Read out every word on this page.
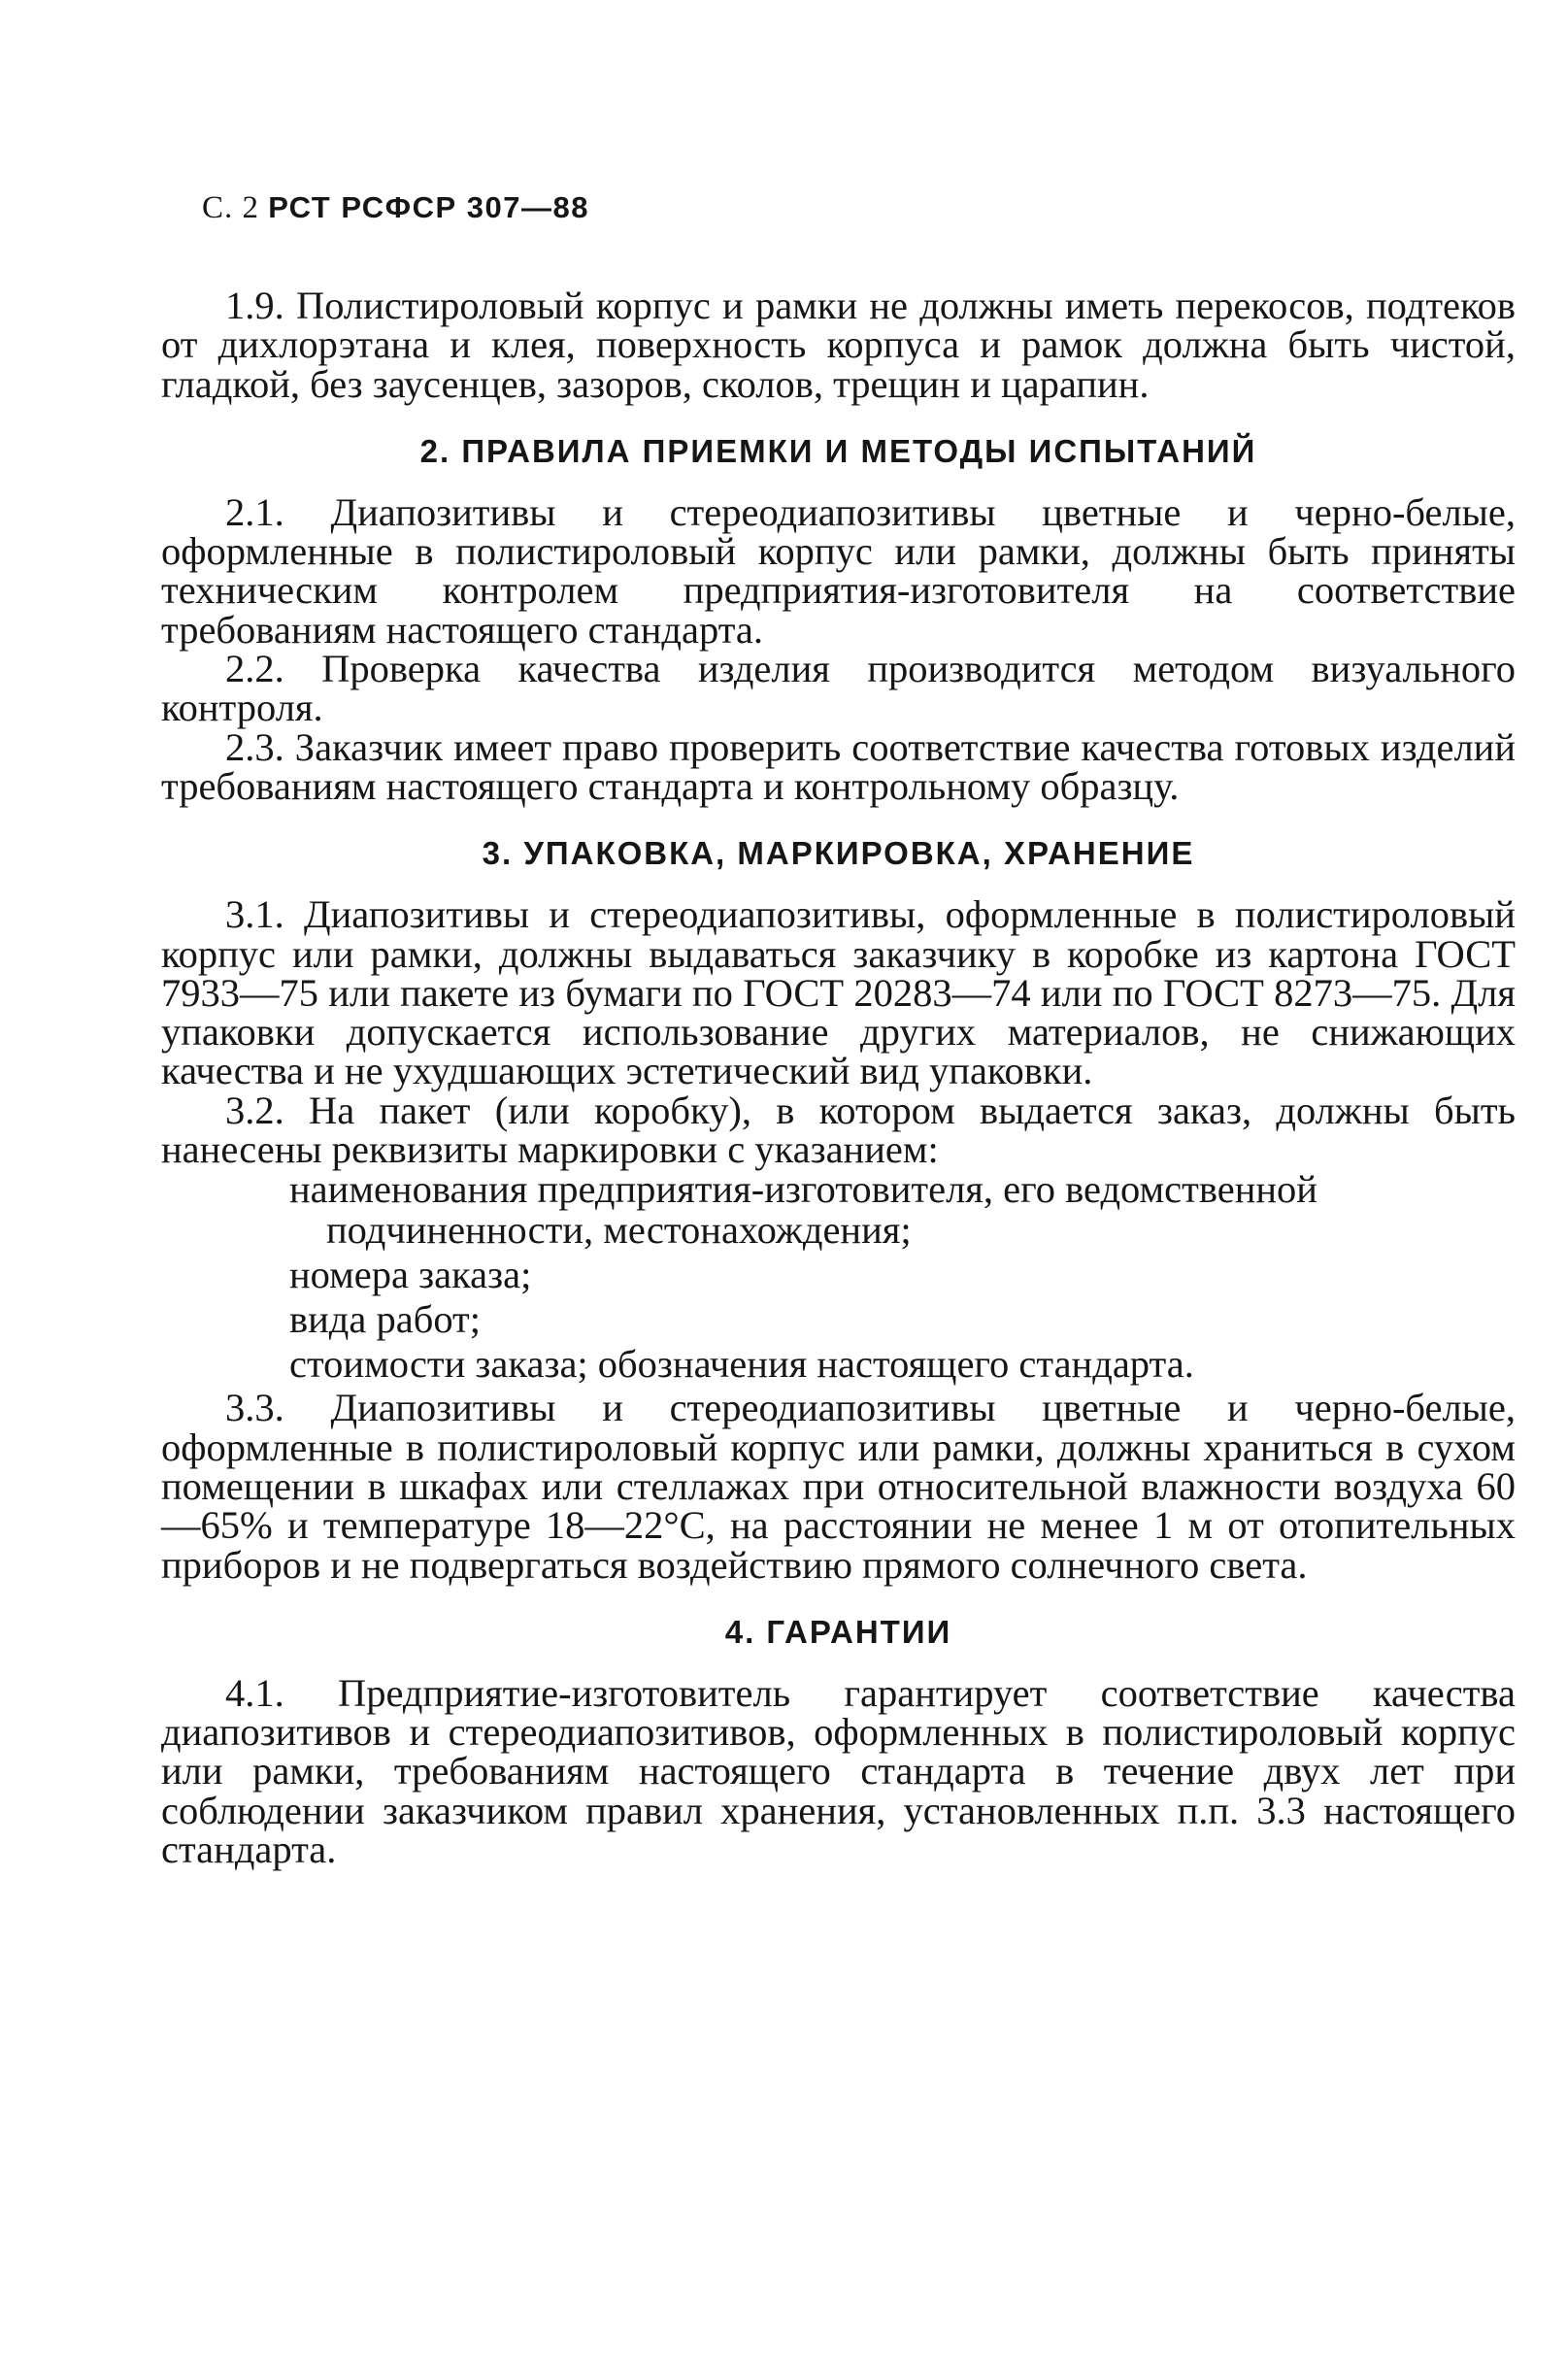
С. 2 РСТ РСФСР 307—88

1.9. Полистироловый корпус и рамки не должны иметь перекосов, подтеков от дихлорэтана и клея, поверхность корпуса и рамок должна быть чистой, гладкой, без заусенцев, зазоров, сколов, трещин и царапин.

2. ПРАВИЛА ПРИЕМКИ И МЕТОДЫ ИСПЫТАНИЙ

2.1. Диапозитивы и стереодиапозитивы цветные и черно-белые, оформленные в полистироловый корпус или рамки, должны быть приняты техническим контролем предприятия-изготовителя на соответствие требованиям настоящего стандарта.

2.2. Проверка качества изделия производится методом визуального контроля.

2.3. Заказчик имеет право проверить соответствие качества готовых изделий требованиям настоящего стандарта и контрольному образцу.

3. УПАКОВКА, МАРКИРОВКА, ХРАНЕНИЕ

3.1. Диапозитивы и стереодиапозитивы, оформленные в полистироловый корпус или рамки, должны выдаваться заказчику в коробке из картона ГОСТ 7933—75 или пакете из бумаги по ГОСТ 20283—74 или по ГОСТ 8273—75. Для упаковки допускается использование других материалов, не снижающих качества и не ухудшающих эстетический вид упаковки.

3.2. На пакет (или коробку), в котором выдается заказ, должны быть нанесены реквизиты маркировки с указанием:

наименования предприятия-изготовителя, его ведомственной подчиненности, местонахождения;
номера заказа;
вида работ;
стоимости заказа; обозначения настоящего стандарта.

3.3. Диапозитивы и стереодиапозитивы цветные и черно-белые, оформленные в полистироловый корпус или рамки, должны храниться в сухом помещении в шкафах или стеллажах при относительной влажности воздуха 60—65% и температуре 18—22°С, на расстоянии не менее 1 м от отопительных приборов и не подвергаться воздействию прямого солнечного света.

4. ГАРАНТИИ

4.1. Предприятие-изготовитель гарантирует соответствие качества диапозитивов и стереодиапозитивов, оформленных в полистироловый корпус или рамки, требованиям настоящего стандарта в течение двух лет при соблюдении заказчиком правил хранения, установленных п.п. 3.3 настоящего стандарта.
